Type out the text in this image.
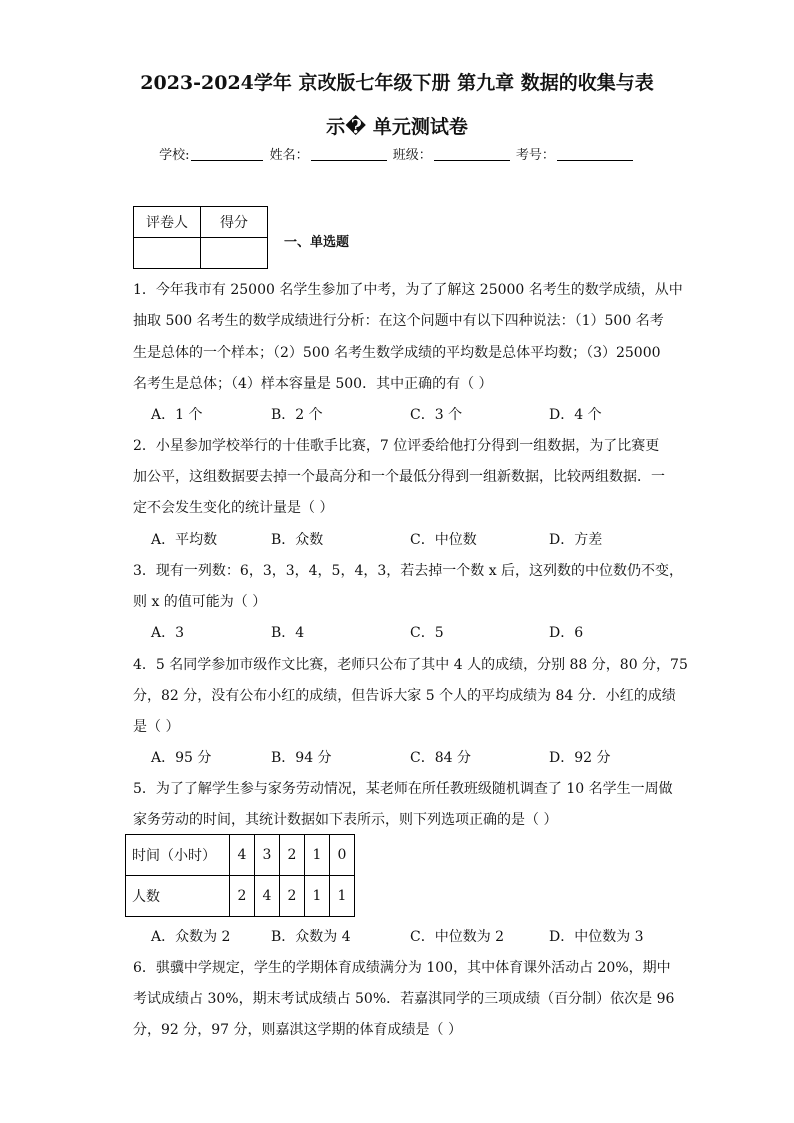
2023-2024学年 京改版七年级下册 第九章 数据的收集与表
示� 单元测试卷
学校:	姓名：	班级：	考号：
评卷人	得分

一、单选题
1．今年我市有 25000 名学生参加了中考，为了了解这 25000 名考生的数学成绩，从中
抽取 500 名考生的数学成绩进行分析：在这个问题中有以下四种说法：（1）500 名考
生是总体的一个样本；（2）500 名考生数学成绩的平均数是总体平均数；（3）25000
名考生是总体；（4）样本容量是 500．其中正确的有（ ）
A．1 个	B．2 个	C．3 个	D．4 个
2．小星参加学校举行的十佳歌手比赛，7 位评委给他打分得到一组数据，为了比赛更
加公平，这组数据要去掉一个最高分和一个最低分得到一组新数据，比较两组数据．一
定不会发生变化的统计量是（ ）
A．平均数	B．众数	C．中位数	D．方差
3．现有一列数：6，3，3，4，5，4，3，若去掉一个数 x 后，这列数的中位数仍不变，
则 x 的值可能为（ ）
A．3	B．4	C．5	D．6
4．5 名同学参加市级作文比赛，老师只公布了其中 4 人的成绩，分别 88 分，80 分，75
分，82 分，没有公布小红的成绩，但告诉大家 5 个人的平均成绩为 84 分．小红的成绩
是（ ）
A．95 分	B．94 分	C．84 分	D．92 分
5．为了了解学生参与家务劳动情况，某老师在所任教班级随机调查了 10 名学生一周做
家务劳动的时间，其统计数据如下表所示，则下列选项正确的是（ ）
时间（小时）	4	3	2	1	0
人数	2	4	2	1	1
A．众数为 2	B．众数为 4	C．中位数为 2	D．中位数为 3
6．骐骥中学规定，学生的学期体育成绩满分为 100，其中体育课外活动占 20%，期中
考试成绩占 30%，期末考试成绩占 50%．若嘉淇同学的三项成绩（百分制）依次是 96
分，92 分，97 分，则嘉淇这学期的体育成绩是（ ）
